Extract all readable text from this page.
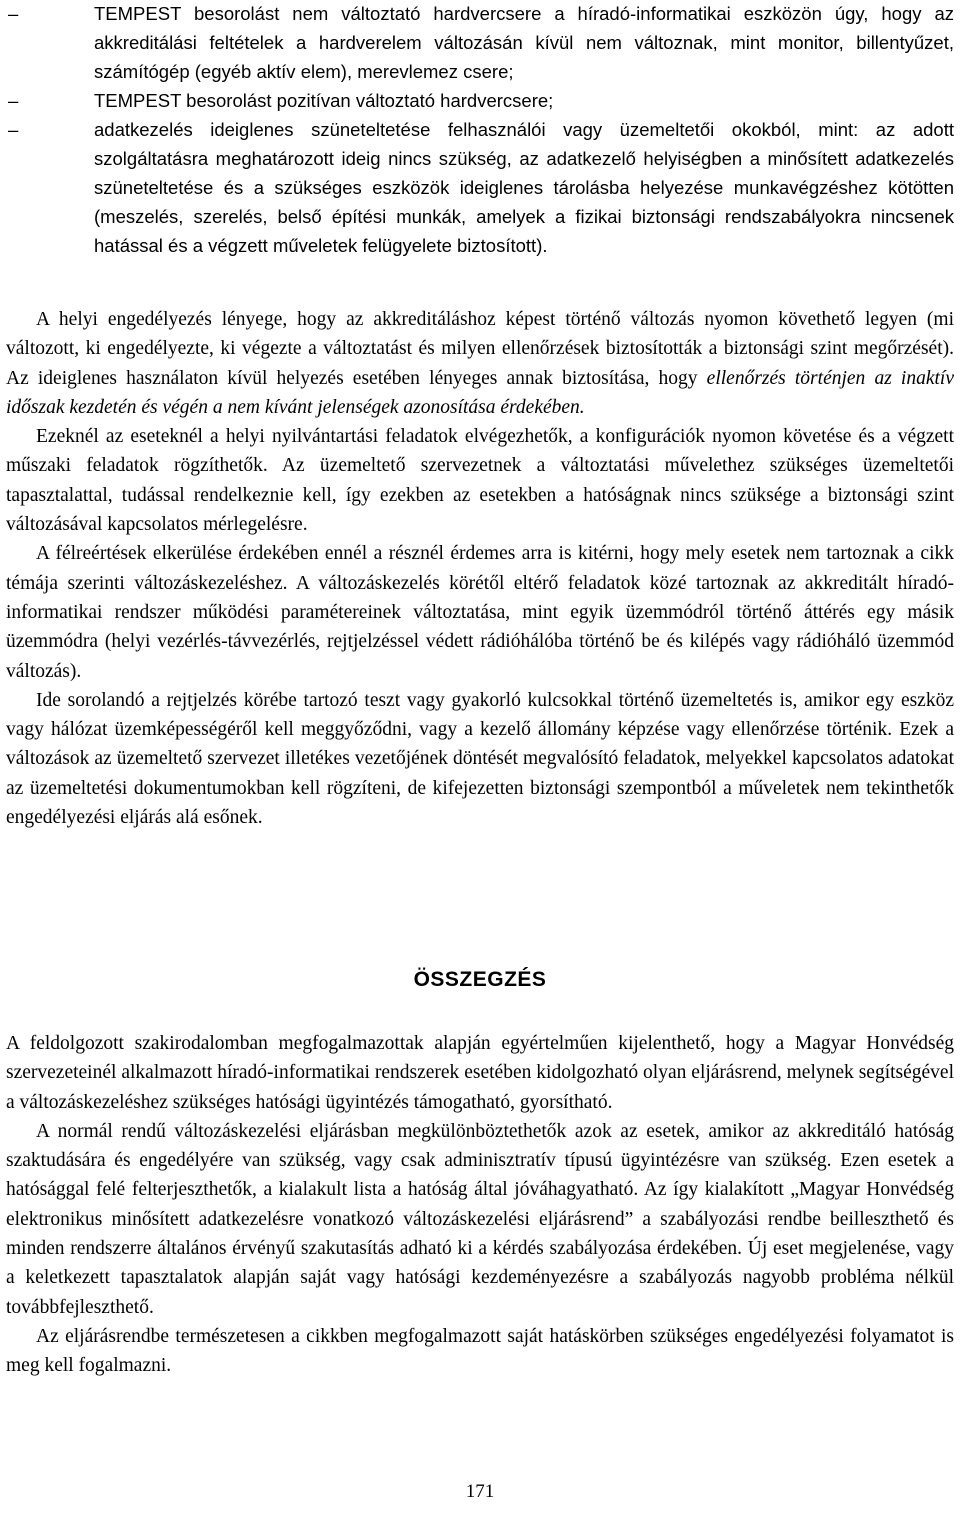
–	TEMPEST besorolást nem változtató hardvercsere a híradó-informatikai eszközön úgy, hogy az akkreditálási feltételek a hardverelem változásán kívül nem változnak, mint monitor, billentyűzet, számítógép (egyéb aktív elem), merevlemez csere;

–	TEMPEST besorolást pozitívan változtató hardvercsere;

–	adatkezelés ideiglenes szüneteltetése felhasználói vagy üzemeltetői okokból, mint: az adott szolgáltatásra meghatározott ideig nincs szükség, az adatkezelő helyiségben a minősített adatkezelés szüneteltetése és a szükséges eszközök ideiglenes tárolásba helyezése munkavégzéshez kötötten (meszelés, szerelés, belső építési munkák, amelyek a fizikai biztonsági rendszabályokra nincsenek hatással és a végzett műveletek felügyelete biztosított).

A helyi engedélyezés lényege, hogy az akkreditáláshoz képest történő változás nyomon követhető legyen (mi változott, ki engedélyezte, ki végezte a változtatást és milyen ellenőrzések biztosították a biztonsági szint megőrzését). Az ideiglenes használaton kívül helyezés esetében lényeges annak biztosítása, hogy ellenőrzés történjen az inaktív időszak kezdetén és végén a nem kívánt jelenségek azonosítása érdekében.

Ezeknél az eseteknél a helyi nyilvántartási feladatok elvégezhetők, a konfigurációk nyomon követése és a végzett műszaki feladatok rögzíthetők. Az üzemeltető szervezetnek a változtatási művelethez szükséges üzemeltetői tapasztalattal, tudással rendelkeznie kell, így ezekben az esetekben a hatóságnak nincs szüksége a biztonsági szint változásával kapcsolatos mérlegelésre.

A félreértések elkerülése érdekében ennél a résznél érdemes arra is kitérni, hogy mely esetek nem tartoznak a cikk témája szerinti változáskezeléshez. A változáskezelés körétől eltérő feladatok közé tartoznak az akkreditált híradó-informatikai rendszer működési paramétereinek változtatása, mint egyik üzemmódról történő áttérés egy másik üzemmódra (helyi vezérlés-távvezérlés, rejtjelzéssel védett rádióhálóba történő be és kilépés vagy rádióháló üzemmód változás).

Ide sorolandó a rejtjelzés körébe tartozó teszt vagy gyakorló kulcsokkal történő üzemeltetés is, amikor egy eszköz vagy hálózat üzemképességéről kell meggyőződni, vagy a kezelő állomány képzése vagy ellenőrzése történik. Ezek a változások az üzemeltető szervezet illetékes vezetőjének döntését megvalósító feladatok, melyekkel kapcsolatos adatokat az üzemeltetési dokumentumokban kell rögzíteni, de kifejezetten biztonsági szempontból a műveletek nem tekinthetők engedélyezési eljárás alá esőnek.

ÖSSZEGZÉS

A feldolgozott szakirodalomban megfogalmazottak alapján egyértelműen kijelenthető, hogy a Magyar Honvédség szervezeteinél alkalmazott híradó-informatikai rendszerek esetében kidolgozható olyan eljárásrend, melynek segítségével a változáskezeléshez szükséges hatósági ügyintézés támogatható, gyorsítható.

A normál rendű változáskezelési eljárásban megkülönböztethetők azok az esetek, amikor az akkreditáló hatóság szaktudására és engedélyére van szükség, vagy csak adminisztratív típusú ügyintézésre van szükség. Ezen esetek a hatósággal felé felterjeszthetők, a kialakult lista a hatóság által jóváhagyatható. Az így kialakított „Magyar Honvédség elektronikus minősített adatkezelésre vonatkozó változáskezelési eljárásrend” a szabályozási rendbe beilleszthető és minden rendszerre általános érvényű szakutasítás adható ki a kérdés szabályozása érdekében. Új eset megjelenése, vagy a keletkezett tapasztalatok alapján saját vagy hatósági kezdeményezésre a szabályozás nagyobb probléma nélkül továbbfejleszthető.

Az eljárásrendbe természetesen a cikkben megfogalmazott saját hatáskörben szükséges engedélyezési folyamatot is meg kell fogalmazni.

171
